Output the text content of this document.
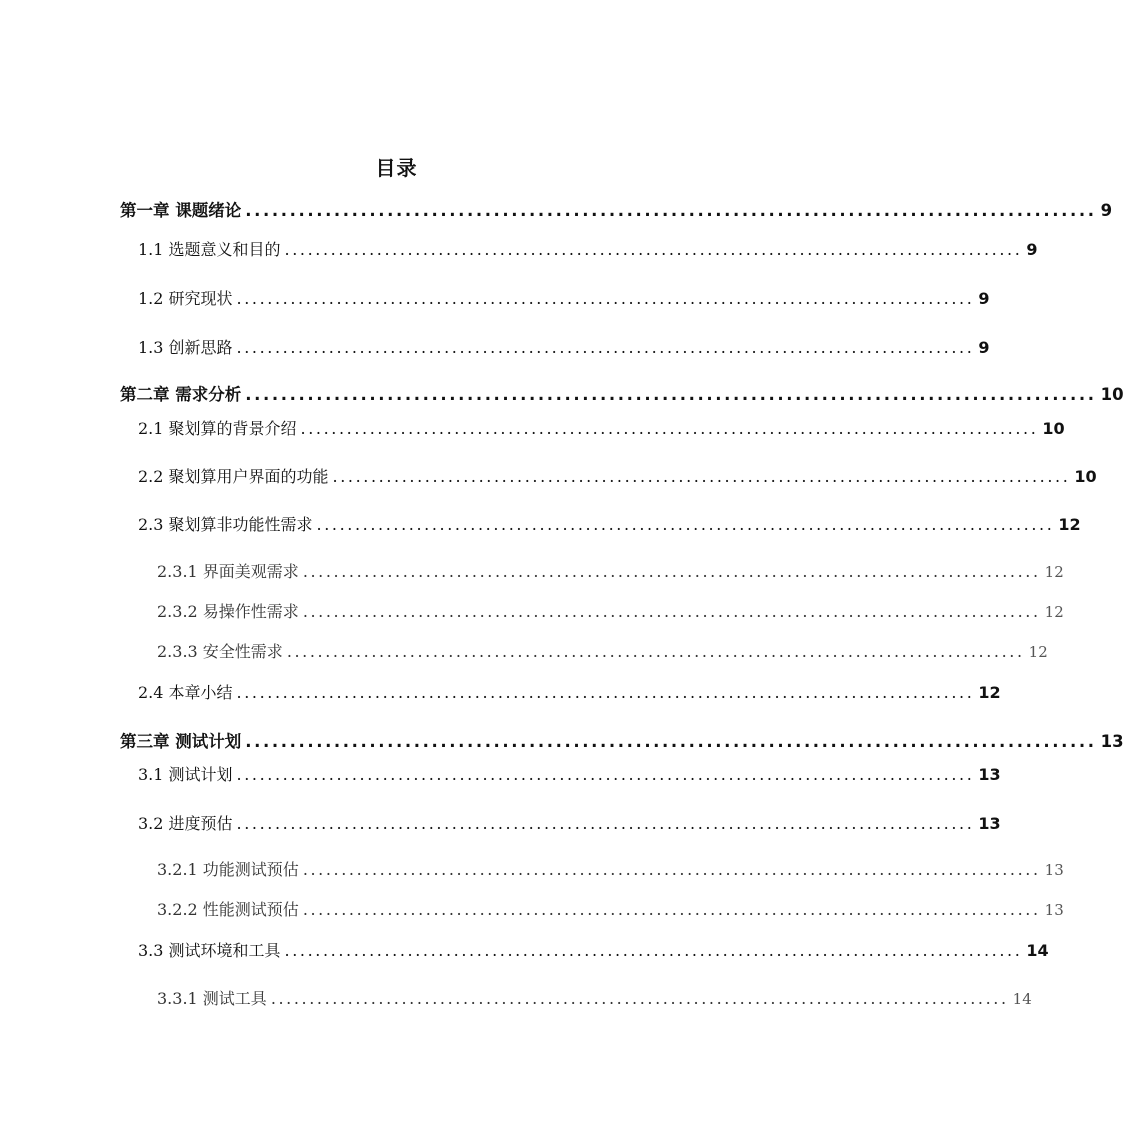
目录
第一章 课题绪论 ................................................................................................ 9
1.1 选题意义和目的 ................................................................................................ 9
1.2 研究现状 ................................................................................................ 9
1.3 创新思路 ................................................................................................ 9
第二章 需求分析 ................................................................................................ 10
2.1 聚划算的背景介绍 ................................................................................................ 10
2.2 聚划算用户界面的功能 ................................................................................................ 10
2.3 聚划算非功能性需求 ................................................................................................ 12
2.3.1 界面美观需求 ................................................................................................ 12
2.3.2 易操作性需求 ................................................................................................ 12
2.3.3 安全性需求 ................................................................................................ 12
2.4 本章小结 ................................................................................................ 12
第三章 测试计划 ................................................................................................ 13
3.1 测试计划 ................................................................................................ 13
3.2 进度预估 ................................................................................................ 13
3.2.1 功能测试预估 ................................................................................................ 13
3.2.2 性能测试预估 ................................................................................................ 13
3.3 测试环境和工具 ................................................................................................ 14
3.3.1 测试工具 ................................................................................................ 14
